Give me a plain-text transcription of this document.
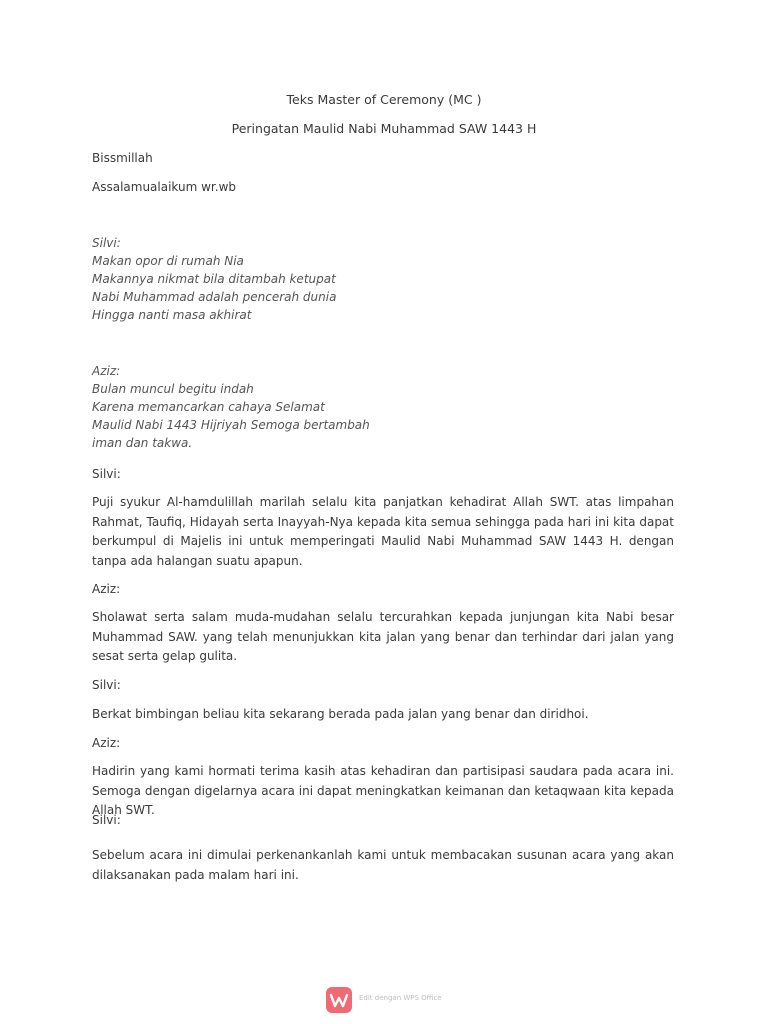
Teks Master of Ceremony (MC )
Peringatan Maulid Nabi Muhammad SAW 1443 H
Bissmillah
Assalamualaikum wr.wb
Silvi:
Makan opor di rumah Nia
Makannya nikmat bila ditambah ketupat
Nabi Muhammad adalah pencerah dunia
Hingga nanti masa akhirat
Aziz:
Bulan muncul begitu indah
Karena memancarkan cahaya Selamat
Maulid Nabi 1443 Hijriyah Semoga bertambah
iman dan takwa.
Silvi:
Puji syukur Al-hamdulillah marilah selalu kita panjatkan kehadirat Allah SWT. atas limpahan Rahmat, Taufiq, Hidayah serta Inayyah-Nya kepada kita semua sehingga pada hari ini kita dapat berkumpul di Majelis ini untuk memperingati Maulid Nabi Muhammad SAW 1443 H. dengan tanpa ada halangan suatu apapun.
Aziz:
Sholawat serta salam muda-mudahan selalu tercurahkan kepada junjungan kita Nabi besar Muhammad SAW. yang telah menunjukkan kita jalan yang benar dan terhindar dari jalan yang sesat serta gelap gulita.
Silvi:
Berkat bimbingan beliau kita sekarang berada pada jalan yang benar dan diridhoi.
Aziz:
Hadirin yang kami hormati terima kasih atas kehadiran dan partisipasi saudara pada acara ini. Semoga dengan digelarnya acara ini dapat meningkatkan keimanan dan ketaqwaan kita kepada Allah SWT.
Silvi:
Sebelum acara ini dimulai perkenankanlah kami untuk membacakan susunan acara yang akan dilaksanakan pada malam hari ini.
Edit dengan WPS Office
